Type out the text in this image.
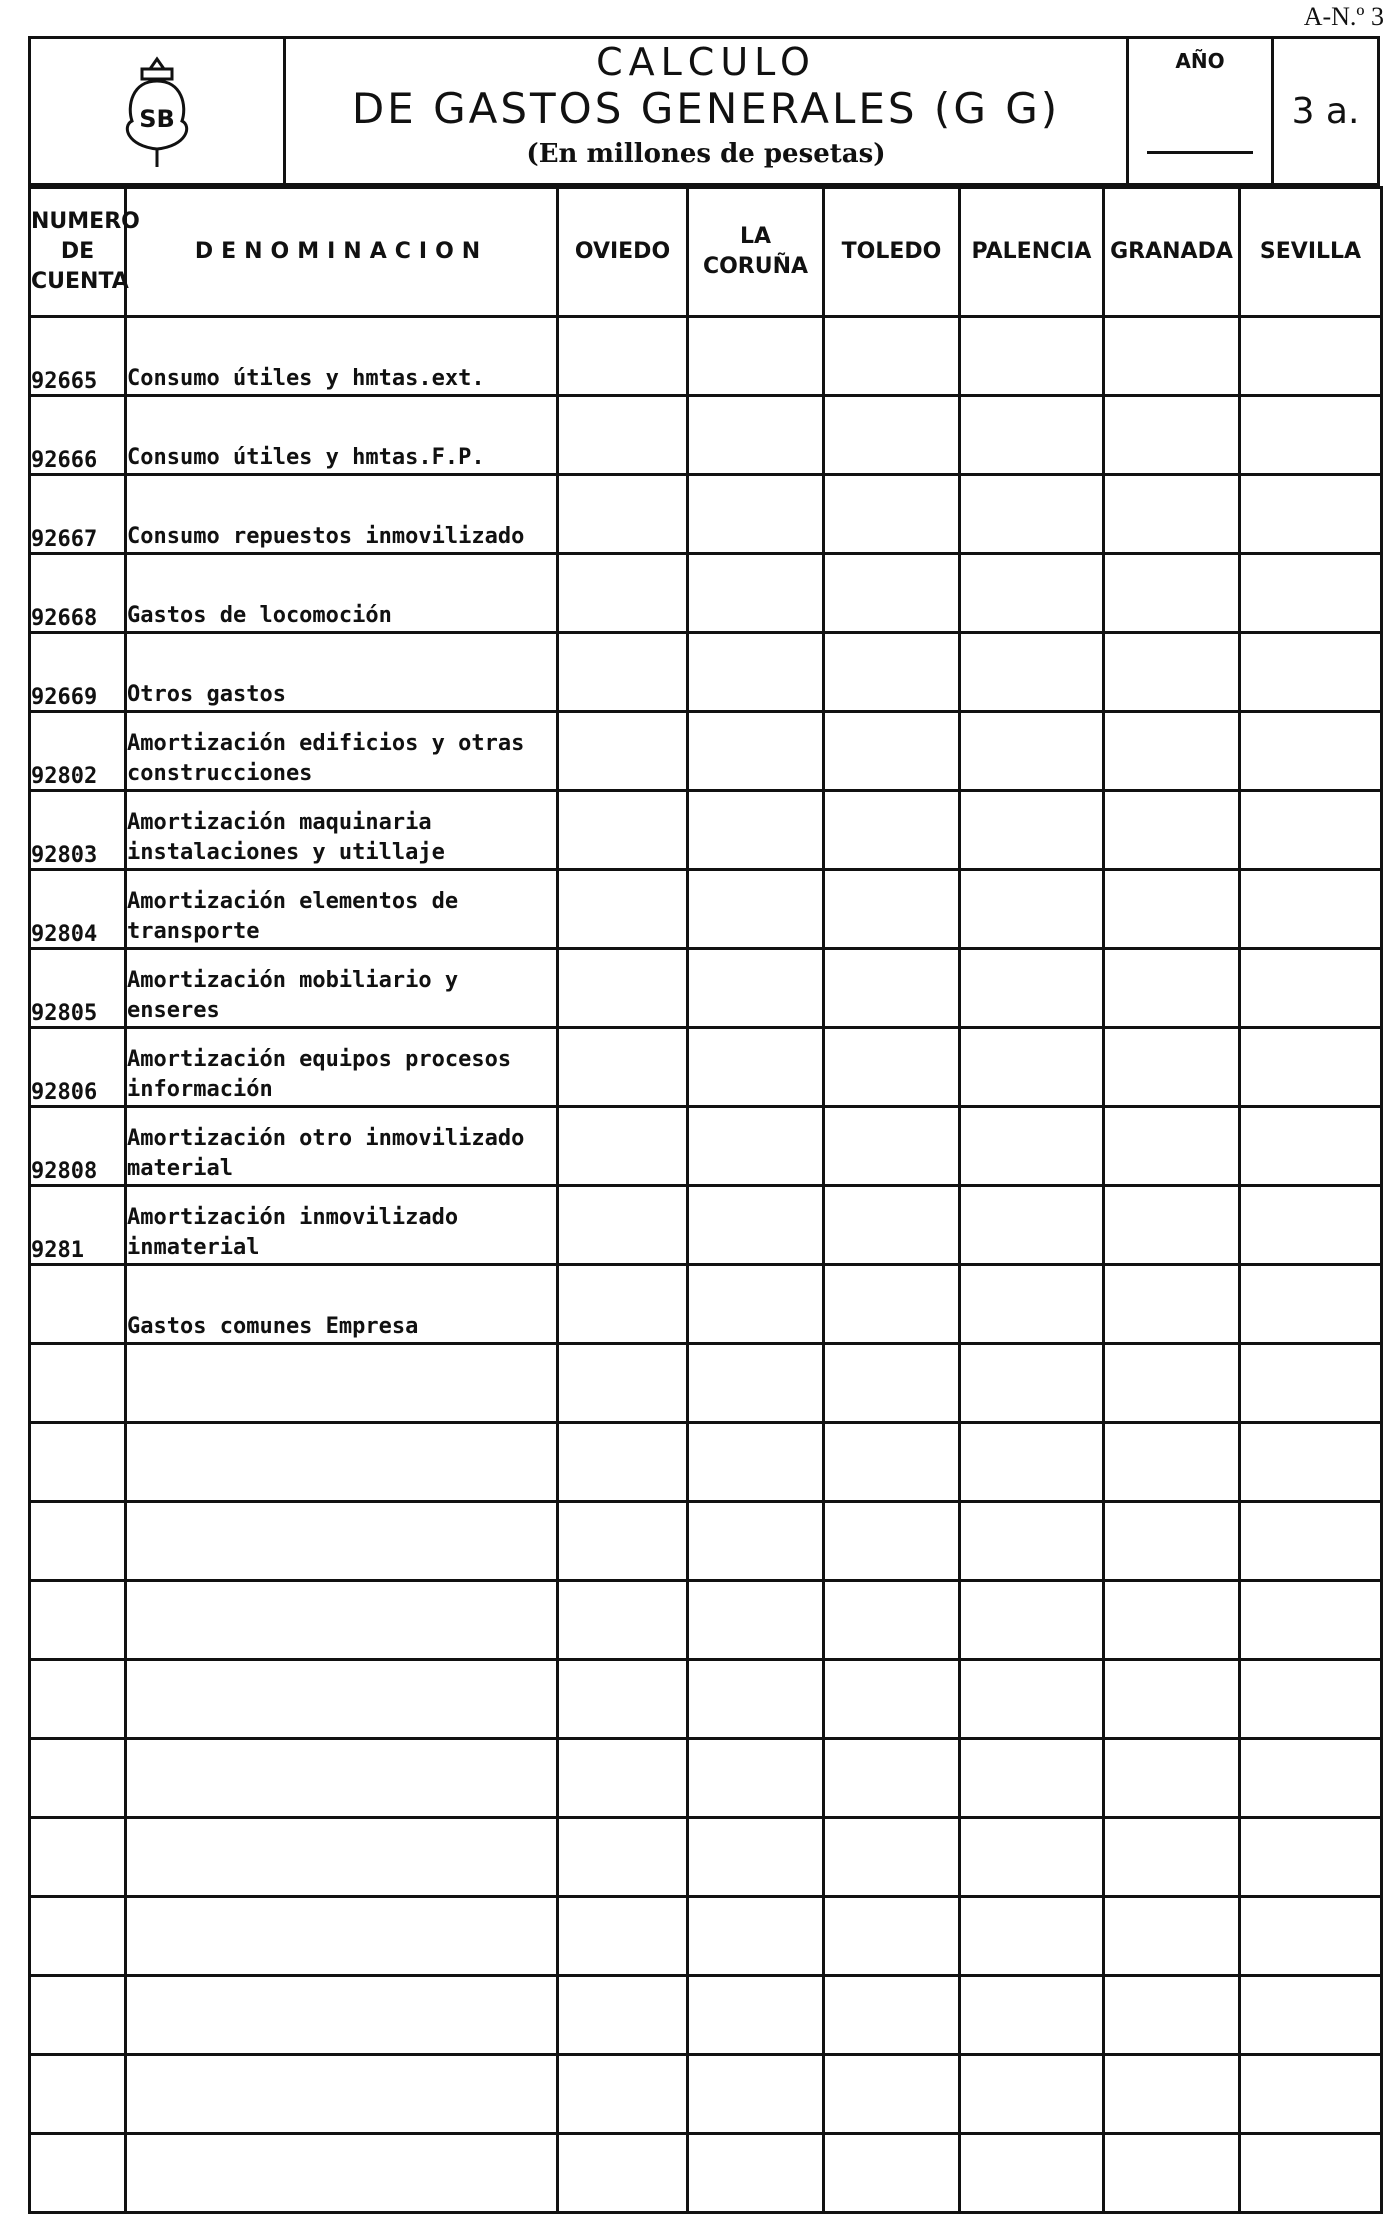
A-N.º 3
SB
CALCULO
DE GASTOS GENERALES (G G)
(En millones de pesetas)
AÑO
3 a.
NUMERO DE CUENTA	DENOMINACION	OVIEDO	LA CORUÑA	TOLEDO	PALENCIA	GRANADA	SEVILLA
92665	Consumo útiles y hmtas.ext.						
92666	Consumo útiles y hmtas.F.P.						
92667	Consumo repuestos inmovilizado						
92668	Gastos de locomoción						
92669	Otros gastos						
92802	Amortización edificios y otras construcciones						
92803	Amortización maquinaria instalaciones y utillaje						
92804	Amortización elementos de transporte						
92805	Amortización mobiliario y enseres						
92806	Amortización equipos procesos información						
92808	Amortización otro inmovilizado material						
9281	Amortización inmovilizado inmaterial						
	Gastos comunes Empresa						
